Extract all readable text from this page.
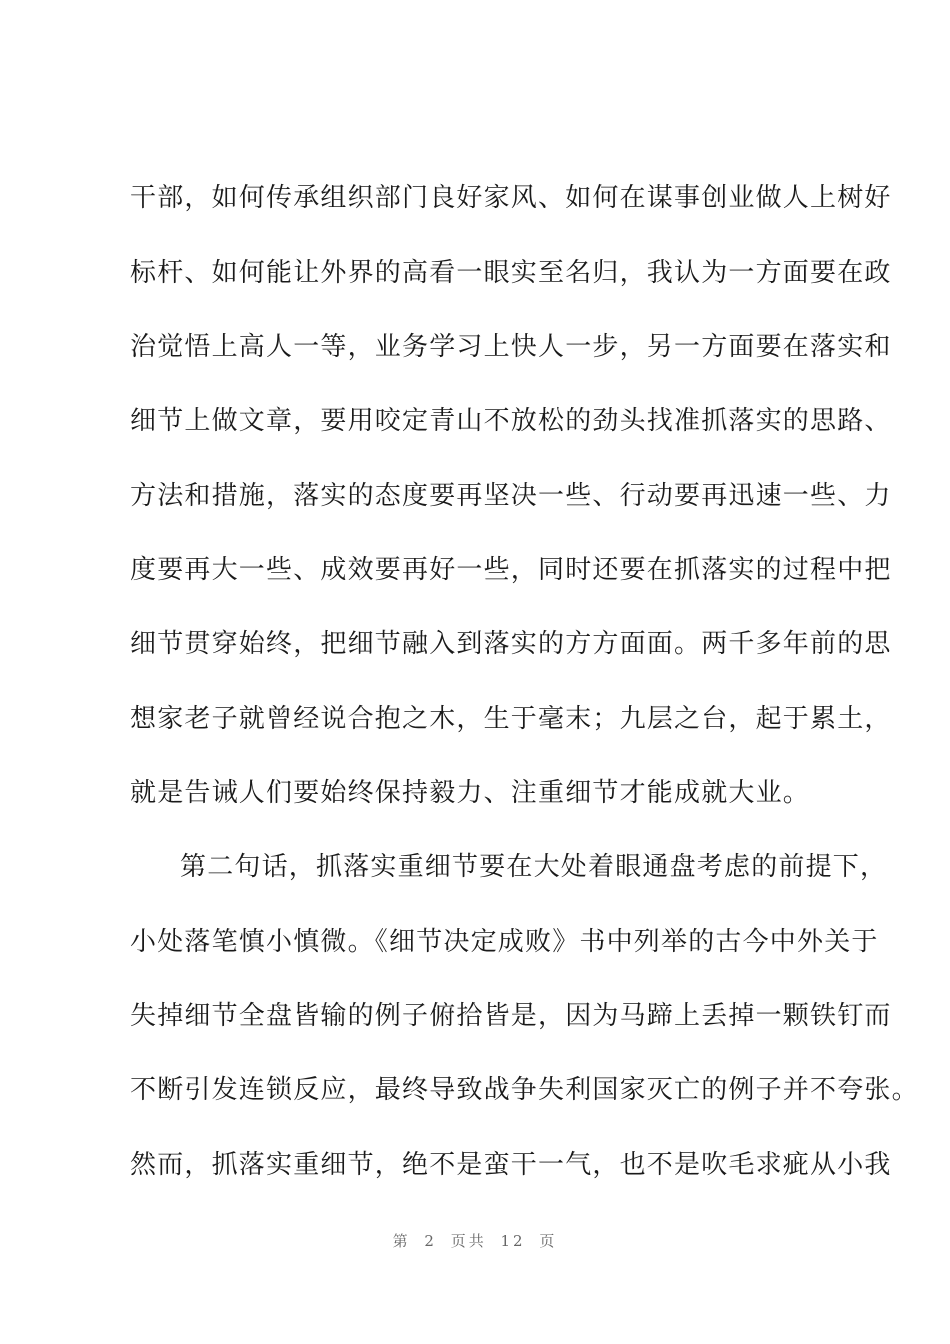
干部，如何传承组织部门良好家风、如何在谋事创业做人上树好
标杆、如何能让外界的高看一眼实至名归，我认为一方面要在政
治觉悟上高人一等，业务学习上快人一步，另一方面要在落实和
细节上做文章，要用咬定青山不放松的劲头找准抓落实的思路、
方法和措施，落实的态度要再坚决一些、行动要再迅速一些、力
度要再大一些、成效要再好一些，同时还要在抓落实的过程中把
细节贯穿始终，把细节融入到落实的方方面面。两千多年前的思
想家老子就曾经说合抱之木，生于毫末；九层之台，起于累土，
就是告诫人们要始终保持毅力、注重细节才能成就大业。
第二句话，抓落实重细节要在大处着眼通盘考虑的前提下，
小处落笔慎小慎微。《细节决定成败》书中列举的古今中外关于
失掉细节全盘皆输的例子俯拾皆是，因为马蹄上丢掉一颗铁钉而
不断引发连锁反应，最终导致战争失利国家灭亡的例子并不夸张。
然而，抓落实重细节，绝不是蛮干一气，也不是吹毛求疵从小我
第 2 页共 12 页
